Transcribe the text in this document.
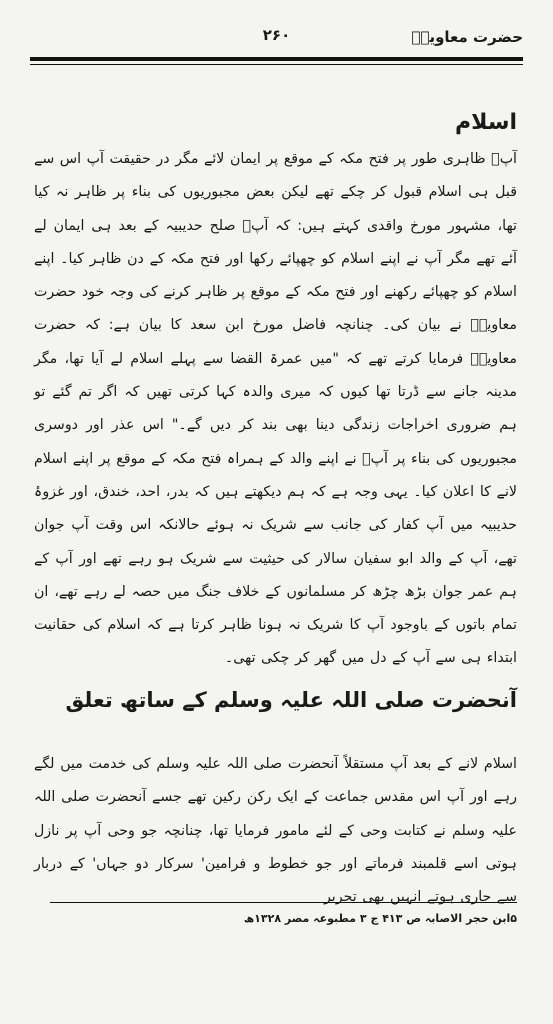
حضرت معاویہؓ
۲۶۰
اسلام

آپؓ ظاہری طور پر فتح مکہ کے موقع پر ایمان لائے مگر در حقیقت آپ اس سے قبل ہی اسلام قبول کر چکے تھے لیکن بعض مجبوریوں کی بناء پر ظاہر نہ کیا تھا، مشہور مورخ واقدی کہتے ہیں: کہ آپؓ صلح حدیبیہ کے بعد ہی ایمان لے آئے تھے مگر آپ نے اپنے اسلام کو چھپائے رکھا اور فتح مکہ کے دن ظاہر کیا۔ اپنے اسلام کو چھپائے رکھنے اور فتح مکہ کے موقع پر ظاہر کرنے کی وجہ خود حضرت معاویہؓ نے بیان کی۔ چنانچہ فاضل مورخ ابن سعد کا بیان ہے: کہ حضرت معاویہؓ فرمایا کرتے تھے کہ "میں عمرۃ القضا سے پہلے اسلام لے آیا تھا، مگر مدینہ جانے سے ڈرتا تھا کیوں کہ میری والدہ کہا کرتی تھیں کہ اگر تم گئے تو ہم ضروری اخراجات زندگی دینا بھی بند کر دیں گے۔" اس عذر اور دوسری مجبوریوں کی بناء پر آپؓ نے اپنے والد کے ہمراہ فتح مکہ کے موقع پر اپنے اسلام لانے کا اعلان کیا۔ یہی وجہ ہے کہ ہم دیکھتے ہیں کہ بدر، احد، خندق، اور غزوۂ حدیبیہ میں آپ کفار کی جانب سے شریک نہ ہوئے حالانکہ اس وقت آپ جوان تھے، آپ کے والد ابو سفیان سالار کی حیثیت سے شریک ہو رہے تھے اور آپ کے ہم عمر جوان بڑھ چڑھ کر مسلمانوں کے خلاف جنگ میں حصہ لے رہے تھے، ان تمام باتوں کے باوجود آپ کا شریک نہ ہونا ظاہر کرتا ہے کہ اسلام کی حقانیت ابتداء ہی سے آپ کے دل میں گھر کر چکی تھی۔

آنحضرت صلی اللہ علیہ وسلم کے ساتھ تعلق

اسلام لانے کے بعد آپ مستقلاً آنحضرت صلی اللہ علیہ وسلم کی خدمت میں لگے رہے اور آپ اس مقدس جماعت کے ایک رکن رکین تھے جسے آنحضرت صلی اللہ علیہ وسلم نے کتابت وحی کے لئے مامور فرمایا تھا، چنانچہ جو وحی آپ پر نازل ہوتی اسے قلمبند فرماتے اور جو خطوط و فرامین' سرکار دو جہاں' کے دربار سے جاری ہوتے انہیں بھی تحریر

۵ابن حجر الاصابہ ص ۴۱۳ ج ۳ مطبوعہ مصر ۱۳۲۸ھ
